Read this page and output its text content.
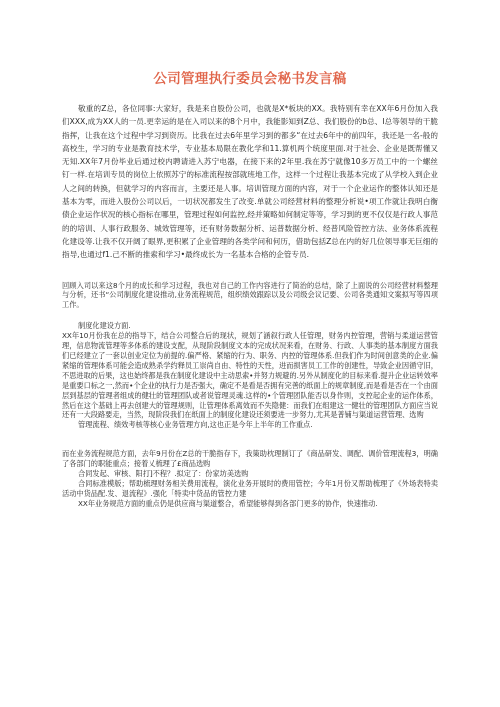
公司管理执行委员会秘书发言稿

敬重的Z总，各位同事:大家好，我是来自股份公司，也就是X*板块的XX。我特别有幸在XX年6月份加入我们XXX,成为XX人的一员.更幸运的是在入司以来的8个月中，我能影知到Z总、我们股份的b总、I总等领导的干脆指挥，让我在这个过程中学习到资历。比我在过去6年里学习到的都多“在过去6年中的前四年，我还是一名-般的高校生，学习的专业是教育技术学，专业基本局限在教化学和11.算机两个统度里面.对于社会、企业是既帮懂又无知.XX年7月份毕业后通过校内聘请进入苏宁电器，在接下来的2年里.我在苏宁就像10多万员工中的一个螺丝钉一样.在培训专员的岗位上依照苏宁的标准流程按部就班地工作，这样一个过程让我基本完成了从学校入到企业人之间的转换，但就学习的内容而言，主要还是人事。培训管现方面的内容，对于一个企业运作的整体认知还是基本为零，而进入股份公司以后，一切状况都发生了改变.单就公司经营材料的整理分析说•项工作就让我明白衡债企业运作状况的核心指标在哪里，管理过程如何监控,经并策略如何制定等等，学习到的更不仅仅是行政人事范的的培训、人事行政服务、城效管理等，还有财务数据分析、运普数据分析、经普风险管控方法、业务体系流程化建设等.让我不仅开阔了眼界,更积累了企业管理的各类学问和何历，借助包括Z总在内的好几位领导事无巨细的指导,也通过f1.己不断的推索和学习•最终成长为一名基本合格的企管专员.

回顾入司以来这8个月的成长和学习过程，我也对自己的工作内容进行了简治的总结，除了上面说的公司经营材料整理与分析，还书“公司制度化建设推动,业务流程规范，组织绩效跟踪以及公司级会议记要、公司各类通知文案拟写等四项工作。

制度化建设方面.

XX年10月份我在总的指导下，结合公司整合后的现状，规划了涵叙行政人任管理，财务内控管理，营销与柔道运营管理，信息物流管理等多体系的建设支配，从现阶段制度文本的完成状况来看，在财务、行政、人事类的基本制度方面我们已经建立了一套以创业定位为前提的.偏严格、紧缩的行为、职务、内控的管理体系.但我们作为时间创意类的企业.偏紧缩的管理体系可能会造成熟杀学约释员工崇尚自由、特性的天性，进而损害员工工作的创建性，导致企业因循守旧，不思进取的后果，这也始终都是我在制度化建设中主动思索•并努力规避的.另外从制度化的目标来看.提升企业运转效率是重要口标之一,然而•个企业的执行力是否强大，确定不是看是否拥有完善的纸面上的规章制度,而是看是否在一个由面层到基层的管理者组成的健壮的管理团队或者说管理灵魂.这样的•个管理团队能否以身作则，支控起企业的运作体系，然后在这个基础上再去创建大的管理规则，让管理体系离效而不失隐健：而我们在组建这一健壮的管理团队方面应当说还有一大段路要走，当然，现阶段我们在纸面上的制度化建设还须要进一步努力,尤其是普铺与渠道运营管理、选购

管理流程、绩效考核等核心业务管理方向,这也正是今年上半年的工作重点.

而在业务流程规范方面，去年9月份在Z总的干脆指存下，我策助枕理制订了《商品研发、调配、调价管理流程3，明确了各部门的职能重点；接着乂梳理了£商品选购

合同发起、审核、阳打]不程？.拟定了：份家坊美选购

合同标准模版；帮助梳理财务相关费用流程，演化业务开展时的费用管控；今年1月份又帮助梳理了《外场表特卖活动中货品配.发、退流程》.强化「特卖中货品的管控力建

XX年业务规范方面的重点仍是供应商与渠道整合，希望能够得到各部门更多的协作，快速推动.
